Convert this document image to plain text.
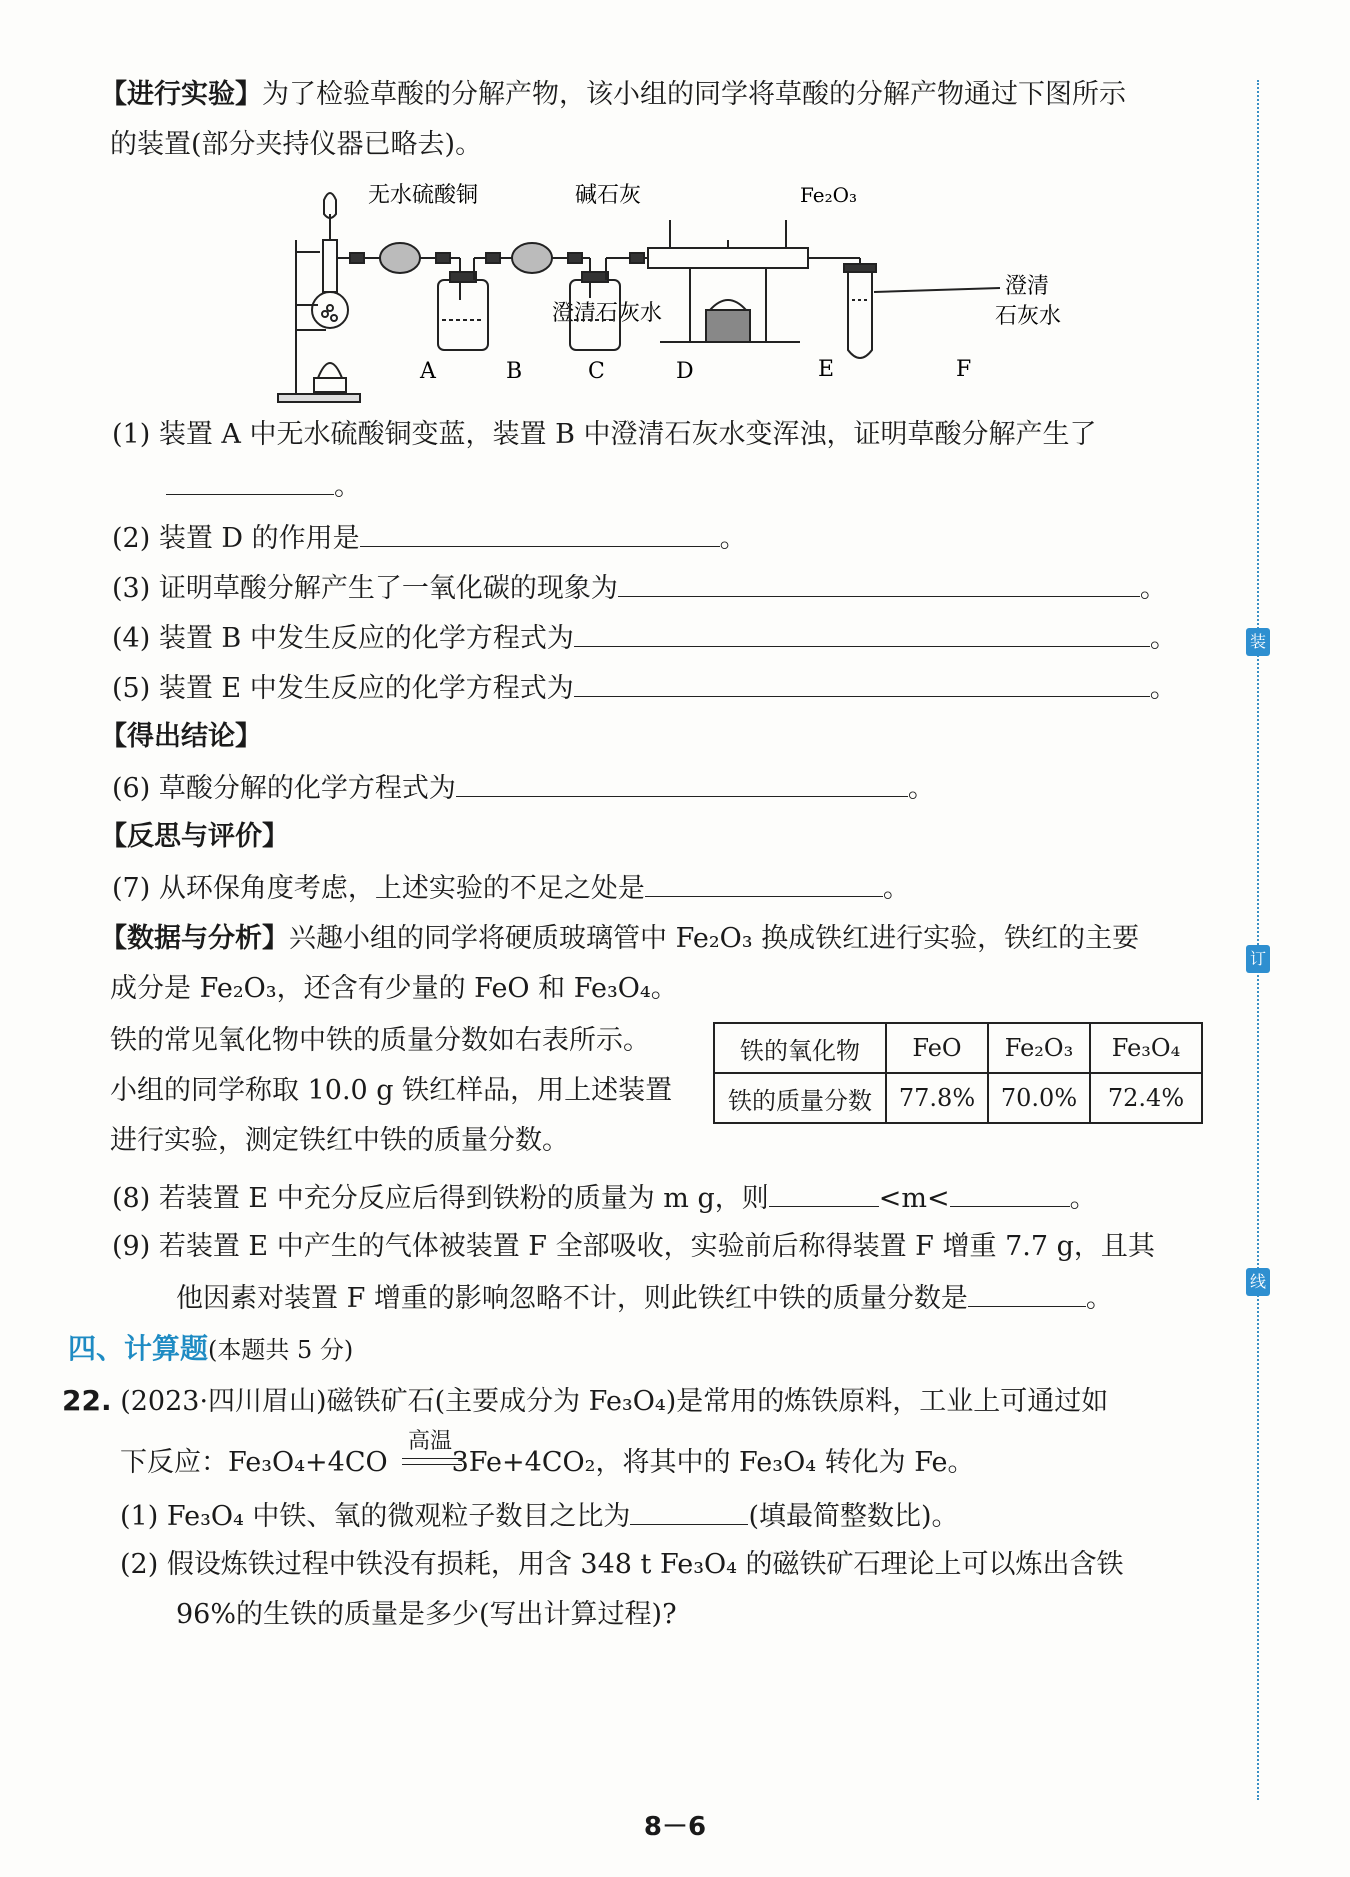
装
订
线
【进行实验】为了检验草酸的分解产物，该小组的同学将草酸的分解产物通过下图所示
的装置(部分夹持仪器已略去)。
无水硫酸铜	碱石灰	Fe₂O₃
澄清石灰水
澄清
石灰水
A	B	C	D	E	F
(1) 装置 A 中无水硫酸铜变蓝，装置 B 中澄清石灰水变浑浊，证明草酸分解产生了
。
(2) 装置 D 的作用是	。
(3) 证明草酸分解产生了一氧化碳的现象为	。
(4) 装置 B 中发生反应的化学方程式为	。
(5) 装置 E 中发生反应的化学方程式为	。
【得出结论】
(6) 草酸分解的化学方程式为	。
【反思与评价】
(7) 从环保角度考虑，上述实验的不足之处是	。
【数据与分析】兴趣小组的同学将硬质玻璃管中 Fe₂O₃ 换成铁红进行实验，铁红的主要
成分是 Fe₂O₃，还含有少量的 FeO 和 Fe₃O₄。
铁的常见氧化物中铁的质量分数如右表所示。
小组的同学称取 10.0 g 铁红样品，用上述装置
进行实验，测定铁红中铁的质量分数。
铁的氧化物	FeO	Fe₂O₃	Fe₃O₄
铁的质量分数	77.8%	70.0%	72.4%
(8) 若装置 E 中充分反应后得到铁粉的质量为 m g，则	<m<	。
(9) 若装置 E 中产生的气体被装置 F 全部吸收，实验前后称得装置 F 增重 7.7 g，且其
他因素对装置 F 增重的影响忽略不计，则此铁红中铁的质量分数是	。
四、计算题(本题共 5 分)
22. (2023·四川眉山)磁铁矿石(主要成分为 Fe₃O₄)是常用的炼铁原料，工业上可通过如
高温
下反应：Fe₃O₄+4CO 3Fe+4CO₂，将其中的 Fe₃O₄ 转化为 Fe。
(1) Fe₃O₄ 中铁、氧的微观粒子数目之比为	(填最简整数比)。
(2) 假设炼铁过程中铁没有损耗，用含 348 t Fe₃O₄ 的磁铁矿石理论上可以炼出含铁
96%的生铁的质量是多少(写出计算过程)?
8－6
